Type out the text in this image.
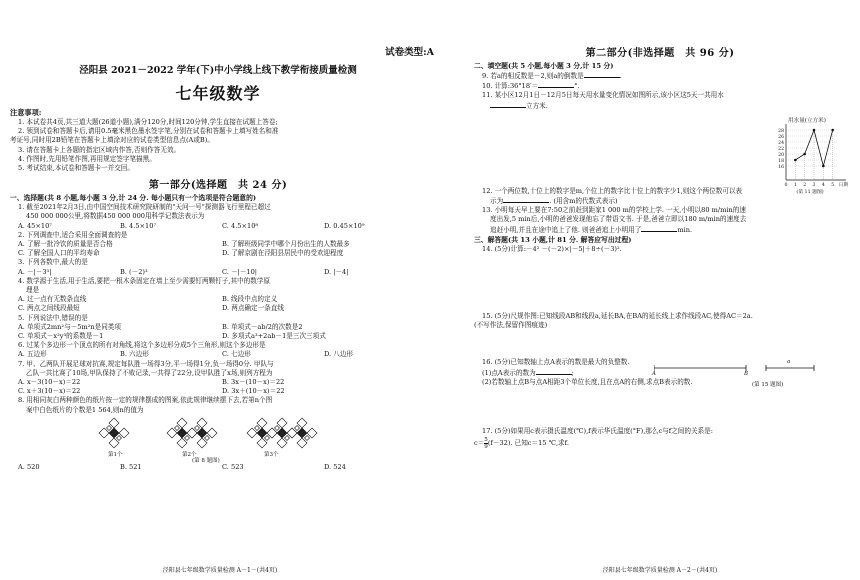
试卷类型:A
泾阳县 2021－2022 学年(下)中小学线上线下教学衔接质量检测
七年级数学
注意事项:

1. 本试卷共4页,共三道大题(26道小题),满分120分,时间120分钟,学生直接在试题上答卷;

2. 领到试卷和答题卡后,请用0.5毫米黑色墨水签字笔,分别在试卷和答题卡上填写姓名和准

考证号,同时用2B铅笔在答题卡上填涂对应的试卷类型信息点(A或B)。

3. 请在答题卡上各题的指定区域内作答,否则作答无效。

4. 作图时,先用铅笔作图,再用规定签字笔描黑。

5. 考试结束,本试卷和答题卡一并交回。

第一部分(选择题　共 24 分)
一、选择题(共 8 小题,每小题 3 分,计 24 分. 每小题只有一个选项是符合题意的)

1. 截至2021年2月3日,由中国空间技术研究院研制的"天问一号"探测器飞行里程已超过

450 000 000公里,将数据450 000 000用科学记数法表示为

A. 45×10⁷	B. 4.5×10⁷	C. 4.5×10⁸	D. 0.45×10⁹

2. 下列调查中,适合采用全面调查的是

A. 了解一批冷饮的质量是否合格	B. 了解班级同学中哪个月份出生的人数最多
C. 了解全国人口的平均寿命	D. 了解京剧在泾阳县居民中的受欢迎程度

3. 下列各数中,最大的是

A. －|－3³|	B. (－2)³	C. －|－10|	D. |－4|

4. 数学源于生活,用于生活,要把一根木条固定在墙上至少需要钉两颗钉子,其中的数学原

理是

A. 过一点有无数条直线	B. 线段中点的定义
C. 两点之间线段最短	D. 两点确定一条直线

5. 下列说法中,错误的是

A. 单项式2mn²与－5m²n是同类项	B. 单项式－ab/2的次数是2
C. 单项式－x²y³的系数是－1	D. 多项式a³+2ab－1是三次三项式

6. 过某个多边形一个顶点的所有对角线,将这个多边形分成5个三角形,则这个多边形是

A. 五边形	B. 六边形	C. 七边形	D. 八边形

7. 甲、乙两队开展足球对抗赛,规定每队胜一场得3分,平一场得1分,负一场得0分. 甲队与

乙队一共比赛了10场,甲队保持了不败记录,一共得了22分,设甲队胜了x场,则列方程为

A. x－3(10－x)＝22	B. 3x－(10－x)＝22
C. x＋3(10－x)＝22	D. 3x＋(10－x)＝22

8. 用相同灰白两种颜色的纸片按一定的规律摆成的图案,依此规律继续摆下去,若第n个图

案中白色纸片的个数是1 564,则n的值为

第1个	第2个	第3个
(第 8 题图)
A. 520	B. 521	C. 523	D. 524
泾阳县七年级数学质量检测 A－1－(共4页)
第二部分(非选择题　共 96 分)
二、填空题(共 5 小题,每小题 3 分,计 15 分)

9. 若a的相反数是－2,则a的倒数是	.

10. 计算:36°18′＝	°.

11. 某小区12月1日－12月5日每天用水量变化情况如图所示,该小区这5天一共用水

立方米.

用水量(立方米)
16
18
20
22
24
26
28
0 1 2 3 4 5 日期
(第 11 题图)

12. 一个两位数,十位上的数字是m,个位上的数字比十位上的数字少1,则这个两位数可以表

示为	. (用含m的代数式表示)

13. 小明每天早上要在7:50之前赶到距家1 000 m的学校上学. 一天,小明以80 m/min的速

度出发,5 min后,小明的爸爸发现他忘了带语文书. 于是,爸爸立即以180 m/min的速度去

追赶小明,并且在途中追上了他. 则爸爸追上小明用了	min.

三、解答题(共 13 小题,计 81 分. 解答应写出过程)

14. (5分)计算:－4² －(－2)×|－5|＋8÷(－3)².

15. (5分)尺规作图:已知线段AB和线段a,延长BA,在BA的延长线上求作线段AC,使得AC＝2a.

(不写作法,保留作图痕迹)

A	B
a
(第 15 题图)

16. (5分)已知数轴上点A表示的数是最大的负整数.

(1)点A表示的数为	;

(2)若数轴上点B与点A相距3个单位长度,且在点A的右侧,求点B表示的数.

17. (5分)如果用c表示摄氏温度(℃),f表示华氏温度(°F),那么c与f之间的关系是:

$c= \frac{5}{9} (f-32)$. 已知c＝15 ℃,求f.

泾阳县七年级数学质量检测 A－2－(共4页)
